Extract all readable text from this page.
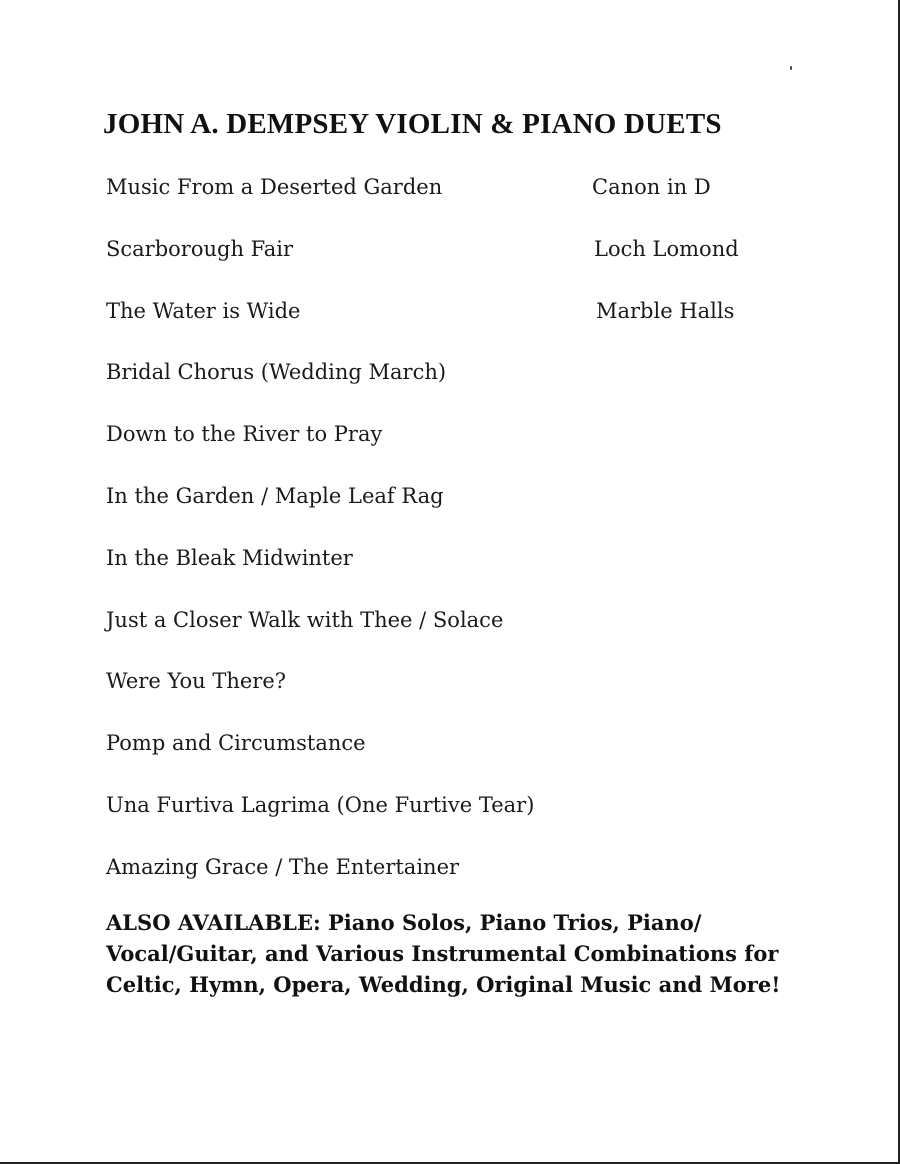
JOHN A. DEMPSEY VIOLIN & PIANO DUETS
Music From a Deserted Garden
Scarborough Fair
The Water is Wide
Bridal Chorus (Wedding March)
Down to the River to Pray
In the Garden / Maple Leaf Rag
In the Bleak Midwinter
Just a Closer Walk with Thee / Solace
Were You There?
Pomp and Circumstance
Una Furtiva Lagrima (One Furtive Tear)
Amazing Grace / The Entertainer
Canon in D
Loch Lomond
Marble Halls
ALSO AVAILABLE: Piano Solos, Piano Trios, Piano/
Vocal/Guitar, and Various Instrumental Combinations for
Celtic, Hymn, Opera, Wedding, Original Music and More!
